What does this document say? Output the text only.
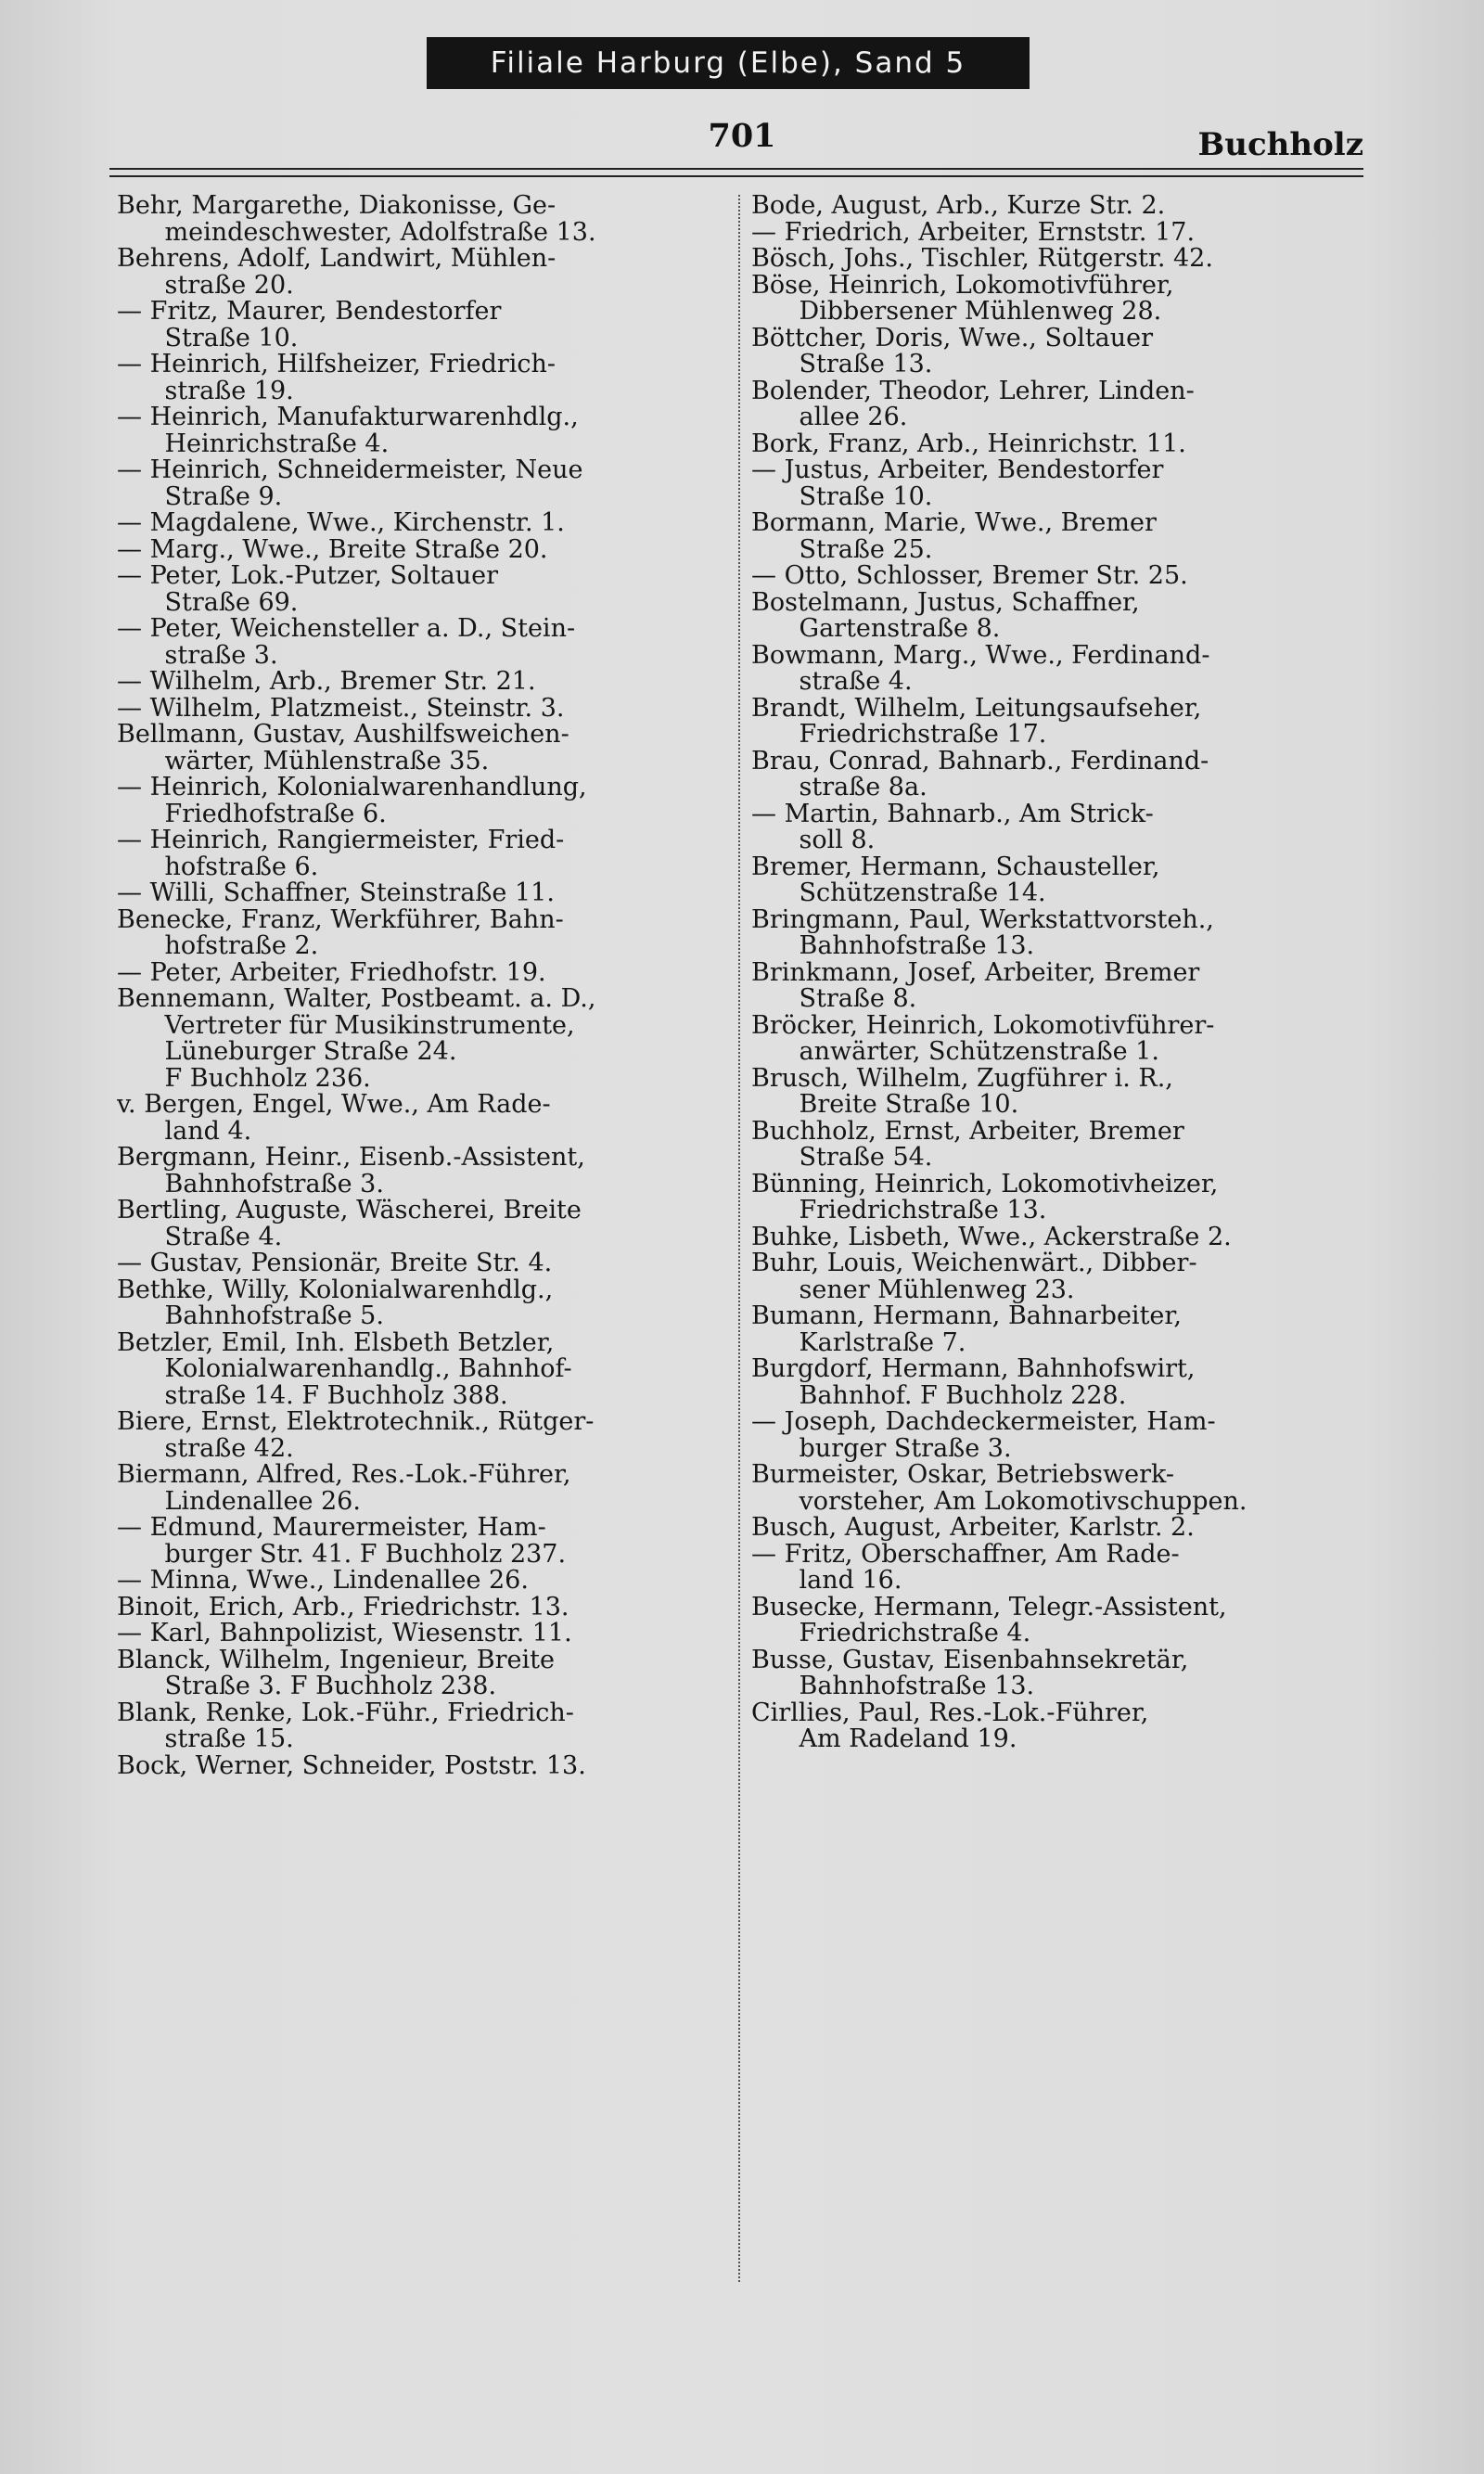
Filiale Harburg (Elbe), Sand 5
701	Buchholz
Behr, Margarethe, Diakonisse, Ge-
meindeschwester, Adolfstraße 13.
Behrens, Adolf, Landwirt, Mühlen-
straße 20.
— Fritz, Maurer, Bendestorfer
Straße 10.
— Heinrich, Hilfsheizer, Friedrich-
straße 19.
— Heinrich, Manufakturwarenhdlg.,
Heinrichstraße 4.
— Heinrich, Schneidermeister, Neue
Straße 9.
— Magdalene, Wwe., Kirchenstr. 1.
— Marg., Wwe., Breite Straße 20.
— Peter, Lok.-Putzer, Soltauer
Straße 69.
— Peter, Weichensteller a. D., Stein-
straße 3.
— Wilhelm, Arb., Bremer Str. 21.
— Wilhelm, Platzmeist., Steinstr. 3.
Bellmann, Gustav, Aushilfsweichen-
wärter, Mühlenstraße 35.
— Heinrich, Kolonialwarenhandlung,
Friedhofstraße 6.
— Heinrich, Rangiermeister, Fried-
hofstraße 6.
— Willi, Schaffner, Steinstraße 11.
Benecke, Franz, Werkführer, Bahn-
hofstraße 2.
— Peter, Arbeiter, Friedhofstr. 19.
Bennemann, Walter, Postbeamt. a. D.,
Vertreter für Musikinstrumente,
Lüneburger Straße 24.
F Buchholz 236.
v. Bergen, Engel, Wwe., Am Rade-
land 4.
Bergmann, Heinr., Eisenb.-Assistent,
Bahnhofstraße 3.
Bertling, Auguste, Wäscherei, Breite
Straße 4.
— Gustav, Pensionär, Breite Str. 4.
Bethke, Willy, Kolonialwarenhdlg.,
Bahnhofstraße 5.
Betzler, Emil, Inh. Elsbeth Betzler,
Kolonialwarenhandlg., Bahnhof-
straße 14. F Buchholz 388.
Biere, Ernst, Elektrotechnik., Rütger-
straße 42.
Biermann, Alfred, Res.-Lok.-Führer,
Lindenallee 26.
— Edmund, Maurermeister, Ham-
burger Str. 41. F Buchholz 237.
— Minna, Wwe., Lindenallee 26.
Binoit, Erich, Arb., Friedrichstr. 13.
— Karl, Bahnpolizist, Wiesenstr. 11.
Blanck, Wilhelm, Ingenieur, Breite
Straße 3. F Buchholz 238.
Blank, Renke, Lok.-Führ., Friedrich-
straße 15.
Bock, Werner, Schneider, Poststr. 13.
Bode, August, Arb., Kurze Str. 2.
— Friedrich, Arbeiter, Ernststr. 17.
Bösch, Johs., Tischler, Rütgerstr. 42.
Böse, Heinrich, Lokomotivführer,
Dibbersener Mühlenweg 28.
Böttcher, Doris, Wwe., Soltauer
Straße 13.
Bolender, Theodor, Lehrer, Linden-
allee 26.
Bork, Franz, Arb., Heinrichstr. 11.
— Justus, Arbeiter, Bendestorfer
Straße 10.
Bormann, Marie, Wwe., Bremer
Straße 25.
— Otto, Schlosser, Bremer Str. 25.
Bostelmann, Justus, Schaffner,
Gartenstraße 8.
Bowmann, Marg., Wwe., Ferdinand-
straße 4.
Brandt, Wilhelm, Leitungsaufseher,
Friedrichstraße 17.
Brau, Conrad, Bahnarb., Ferdinand-
straße 8a.
— Martin, Bahnarb., Am Strick-
soll 8.
Bremer, Hermann, Schausteller,
Schützenstraße 14.
Bringmann, Paul, Werkstattvorsteh.,
Bahnhofstraße 13.
Brinkmann, Josef, Arbeiter, Bremer
Straße 8.
Bröcker, Heinrich, Lokomotivführer-
anwärter, Schützenstraße 1.
Brusch, Wilhelm, Zugführer i. R.,
Breite Straße 10.
Buchholz, Ernst, Arbeiter, Bremer
Straße 54.
Bünning, Heinrich, Lokomotivheizer,
Friedrichstraße 13.
Buhke, Lisbeth, Wwe., Ackerstraße 2.
Buhr, Louis, Weichenwärt., Dibber-
sener Mühlenweg 23.
Bumann, Hermann, Bahnarbeiter,
Karlstraße 7.
Burgdorf, Hermann, Bahnhofswirt,
Bahnhof. F Buchholz 228.
— Joseph, Dachdeckermeister, Ham-
burger Straße 3.
Burmeister, Oskar, Betriebswerk-
vorsteher, Am Lokomotivschuppen.
Busch, August, Arbeiter, Karlstr. 2.
— Fritz, Oberschaffner, Am Rade-
land 16.
Busecke, Hermann, Telegr.-Assistent,
Friedrichstraße 4.
Busse, Gustav, Eisenbahnsekretär,
Bahnhofstraße 13.
Cirllies, Paul, Res.-Lok.-Führer,
Am Radeland 19.
